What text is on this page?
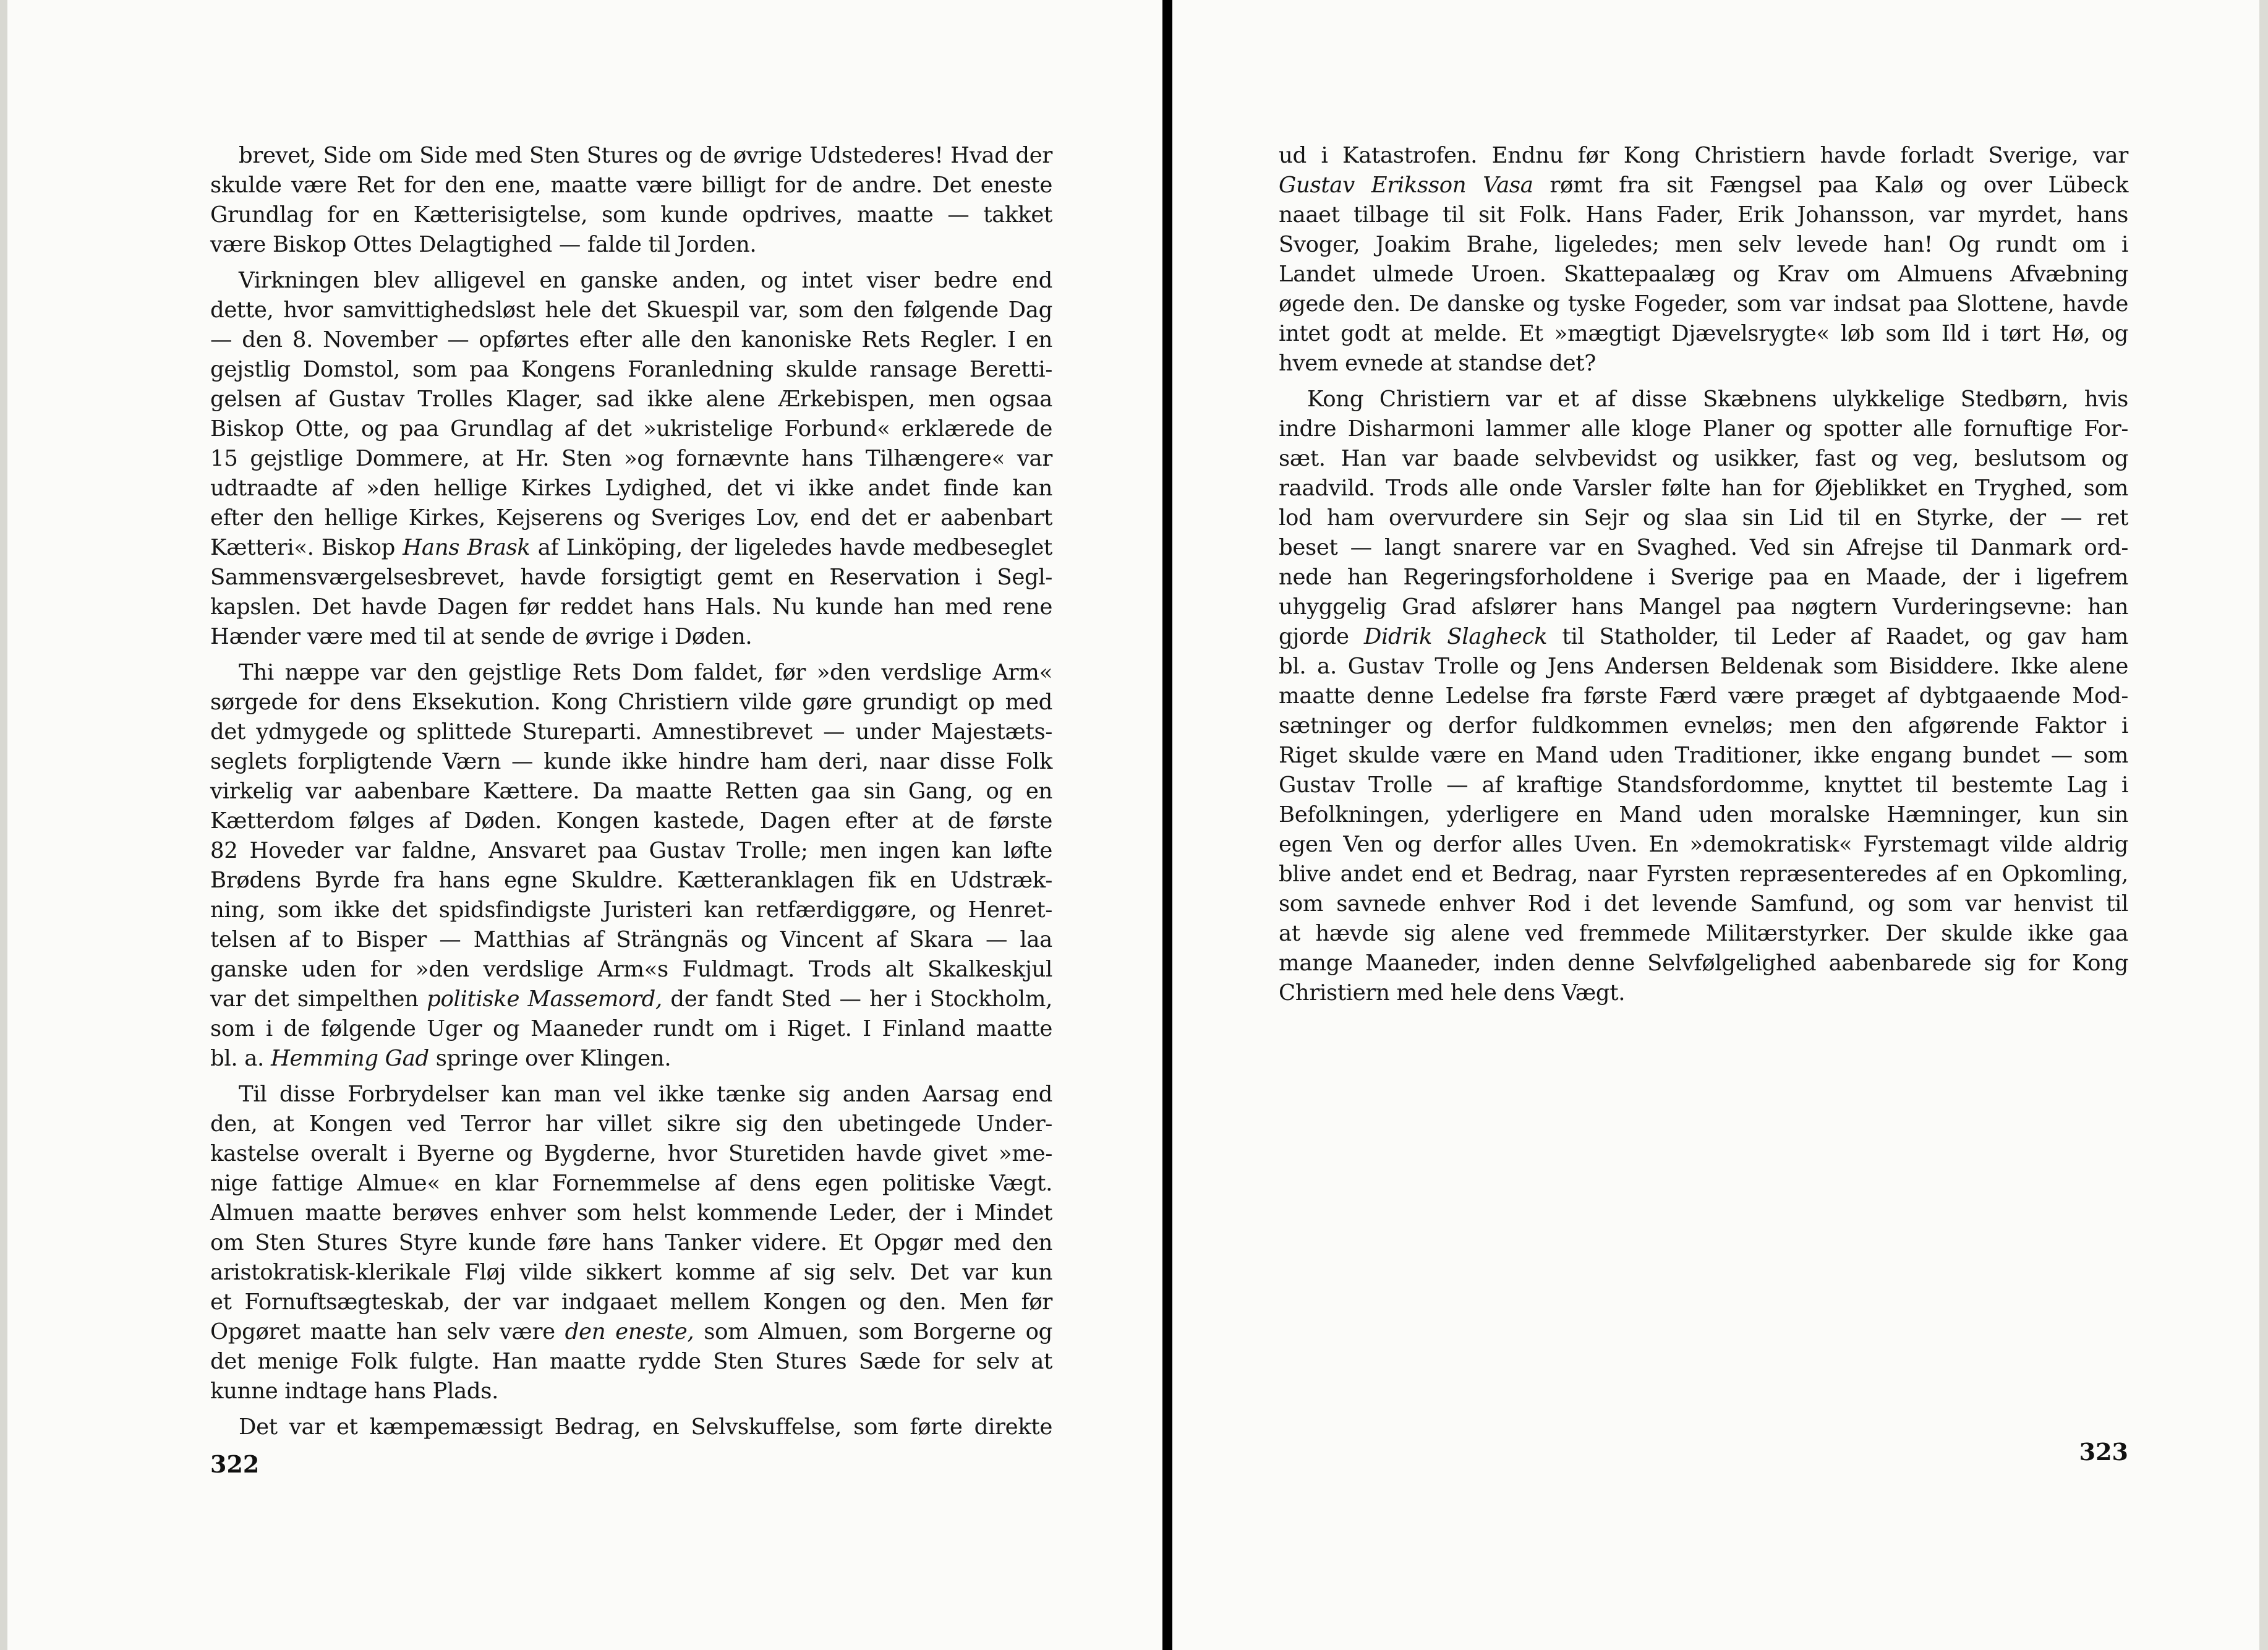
brevet,̦ Side om Side med Sten Stures og de øvrige Udstederes! Hvad der
skulde være Ret for den ene, maatte være billigt for de andre. Det eneste
Grundlag for en Kætterisigtelse, som kunde opdrives, maatte — takket
være Biskop Ottes Delagtighed — falde til Jorden.
Virkningen blev alligevel en ganske anden, og intet viser bedre end
dette, hvor samvittighedsløst hele det Skuespil var, som den følgende Dag
— den 8. November — opførtes efter alle den kanoniske Rets Regler. I en
gejstlig Domstol, som paa Kongens Foranledning skulde ransage Beretti-
gelsen af Gustav Trolles Klager, sad ikke alene Ærkebispen, men ogsaa
Biskop Otte, og paa Grundlag af det »ukristelige Forbund« erklærede de
15 gejstlige Dommere, at Hr. Sten »og fornævnte hans Tilhængere« var
udtraadte af »den hellige Kirkes Lydighed, det vi ikke andet finde kan
efter den hellige Kirkes, Kejserens og Sveriges Lov, end det er aabenbart
Kætteri«. Biskop Hans Brask af Linköping, der ligeledes havde medbeseglet
Sammensværgelsesbrevet, havde forsigtigt gemt en Reservation i Segl-
kapslen. Det havde Dagen før reddet hans Hals. Nu kunde han med rene
Hænder være med til at sende de øvrige i Døden.
Thi næppe var den gejstlige Rets Dom faldet, før »den verdslige Arm«
sørgede for dens Eksekution. Kong Christiern vilde gøre grundigt op med
det ydmygede og splittede Stureparti. Amnestibrevet — under Majestæts-
seglets forpligtende Værn — kunde ikke hindre ham deri, naar disse Folk
virkelig var aabenbare Kættere. Da maatte Retten gaa sin Gang, og en
Kætterdom følges af Døden. Kongen kastede, Dagen efter at de første
82 Hoveder var faldne, Ansvaret paa Gustav Trolle; men ingen kan løfte
Brødens Byrde fra hans egne Skuldre. Kætteranklagen fik en Udstræk-
ning, som ikke det spidsfindigste Juristeri kan retfærdiggøre, og Henret-
telsen af to Bisper — Matthias af Strängnäs og Vincent af Skara — laa
ganske uden for »den verdslige Arm«s Fuldmagt. Trods alt Skalkeskjul
var det simpelthen politiske Massemord, der fandt Sted — her i Stockholm,
som i de følgende Uger og Maaneder rundt om i Riget. I Finland maatte
bl. a. Hemming Gad springe over Klingen.
Til disse Forbrydelser kan man vel ikke tænke sig anden Aarsag end
den, at Kongen ved Terror har villet sikre sig den ubetingede Under-
kastelse overalt i Byerne og Bygderne, hvor Sturetiden havde givet »me-
nige fattige Almue« en klar Fornemmelse af dens egen politiske Vægt.
Almuen maatte berøves enhver som helst kommende Leder, der i Mindet
om Sten Stures Styre kunde føre hans Tanker videre. Et Opgør med den
aristokratisk-klerikale Fløj vilde sikkert komme af sig selv. Det var kun
et Fornuftsægteskab, der var indgaaet mellem Kongen og den. Men før
Opgøret maatte han selv være den eneste, som Almuen, som Borgerne og
det menige Folk fulgte. Han maatte rydde Sten Stures Sæde for selv at
kunne indtage hans Plads.
Det var et kæmpemæssigt Bedrag, en Selvskuffelse, som førte direkte
322
ud i Katastrofen. Endnu før Kong Christiern havde forladt Sverige, var
Gustav Eriksson Vasa rømt fra sit Fængsel paa Kalø og over Lübeck
naaet tilbage til sit Folk. Hans Fader, Erik Johansson, var myrdet, hans
Svoger, Joakim Brahe, ligeledes; men selv levede han! Og rundt om i
Landet ulmede Uroen. Skattepaalæg og Krav om Almuens Afvæbning
øgede den. De danske og tyske Fogeder, som var indsat paa Slottene, havde
intet godt at melde. Et »mægtigt Djævelsrygte« løb som Ild i tørt Hø, og
hvem evnede at standse det?
Kong Christiern var et af disse Skæbnens ulykkelige Stedbørn, hvis
indre Disharmoni lammer alle kloge Planer og spotter alle fornuftige For-
sæt. Han var baade selvbevidst og usikker, fast og veg, beslutsom og
raadvild. Trods alle onde Varsler følte han for Øjeblikket en Tryghed, som
lod ham overvurdere sin Sejr og slaa sin Lid til en Styrke, der — ret
beset — langt snarere var en Svaghed. Ved sin Afrejse til Danmark ord-
nede han Regeringsforholdene i Sverige paa en Maade, der i ligefrem
uhyggelig Grad afslører hans Mangel paa nøgtern Vurderingsevne: han
gjorde Didrik Slagheck til Statholder, til Leder af Raadet, og gav ham
bl. a. Gustav Trolle og Jens Andersen Beldenak som Bisiddere. Ikke alene
maatte denne Ledelse fra første Færd være præget af dybtgaaende Mod-
sætninger og derfor fuldkommen evneløs; men den afgørende Faktor i
Riget skulde være en Mand uden Traditioner, ikke engang bundet — som
Gustav Trolle — af kraftige Standsfordomme, knyttet til bestemte Lag i
Befolkningen, yderligere en Mand uden moralske Hæmninger, kun sin
egen Ven og derfor alles Uven. En »demokratisk« Fyrstemagt vilde aldrig
blive andet end et Bedrag, naar Fyrsten repræsenteredes af en Opkomling,
som savnede enhver Rod i det levende Samfund, og som var henvist til
at hævde sig alene ved fremmede Militærstyrker. Der skulde ikke gaa
mange Maaneder, inden denne Selvfølgelighed aabenbarede sig for Kong
Christiern med hele dens Vægt.
323
